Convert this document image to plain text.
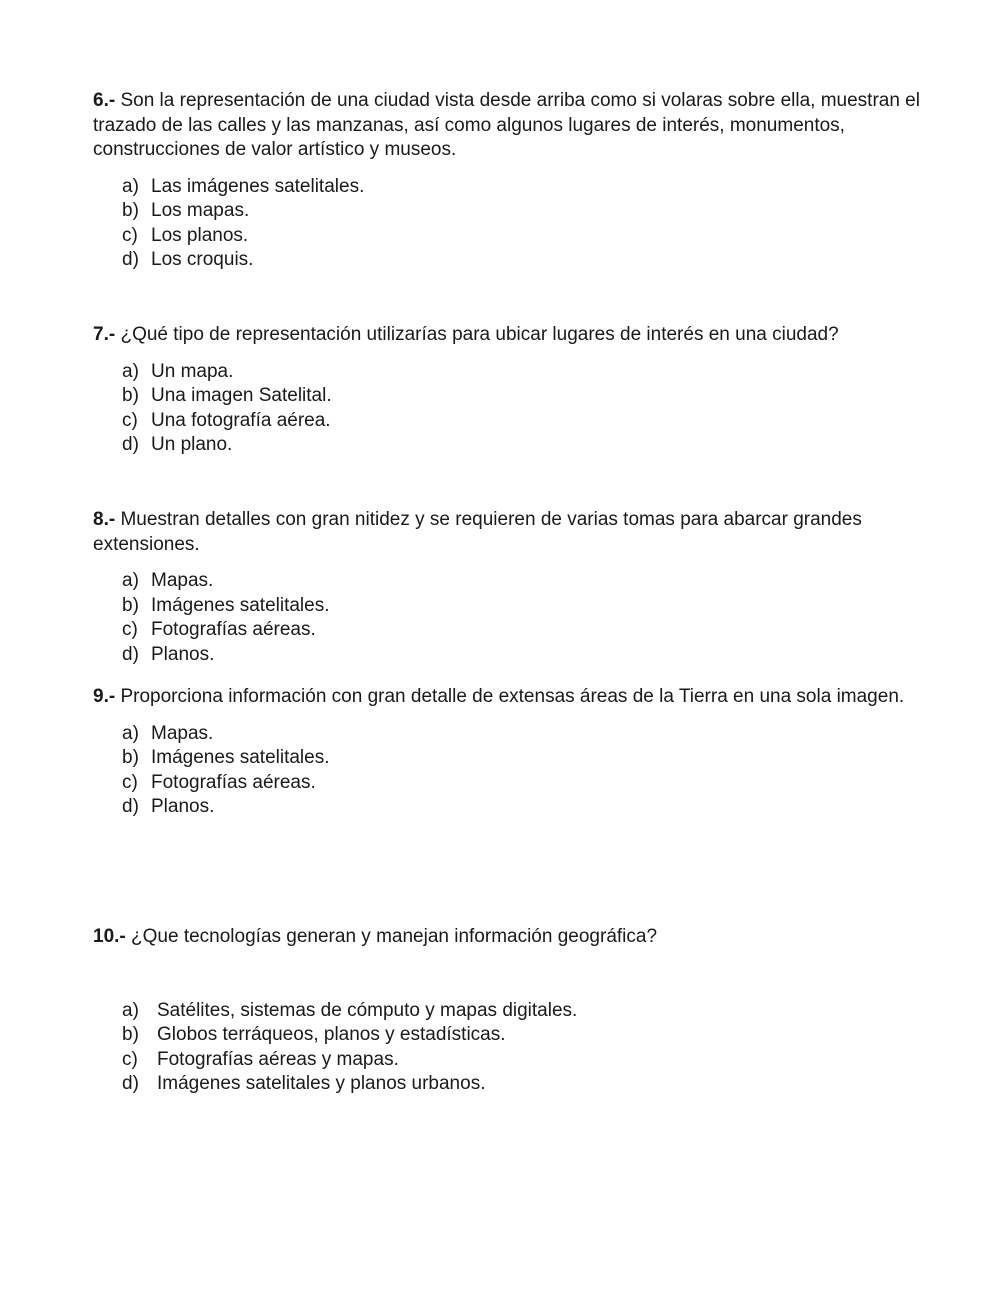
6.- Son la representación de una ciudad vista desde arriba como si volaras sobre ella, muestran el trazado de las calles y las manzanas, así como algunos lugares de interés, monumentos, construcciones de valor artístico y museos.

a) Las imágenes satelitales.
b) Los mapas.
c) Los planos.
d) Los croquis.

7.- ¿Qué tipo de representación utilizarías para ubicar lugares de interés en una ciudad?

a) Un mapa.
b) Una imagen Satelital.
c) Una fotografía aérea.
d) Un plano.

8.- Muestran detalles con gran nitidez y se requieren de varias tomas para abarcar grandes extensiones.

a) Mapas.
b) Imágenes satelitales.
c) Fotografías aéreas.
d) Planos.

9.- Proporciona información con gran detalle de extensas áreas de la Tierra en una sola imagen.

a) Mapas.
b) Imágenes satelitales.
c) Fotografías aéreas.
d) Planos.

10.- ¿Que tecnologías generan y manejan información geográfica?

a) Satélites, sistemas de cómputo y mapas digitales.
b) Globos terráqueos, planos y estadísticas.
c)	Fotografías aéreas y mapas.
d) Imágenes satelitales y planos urbanos.
